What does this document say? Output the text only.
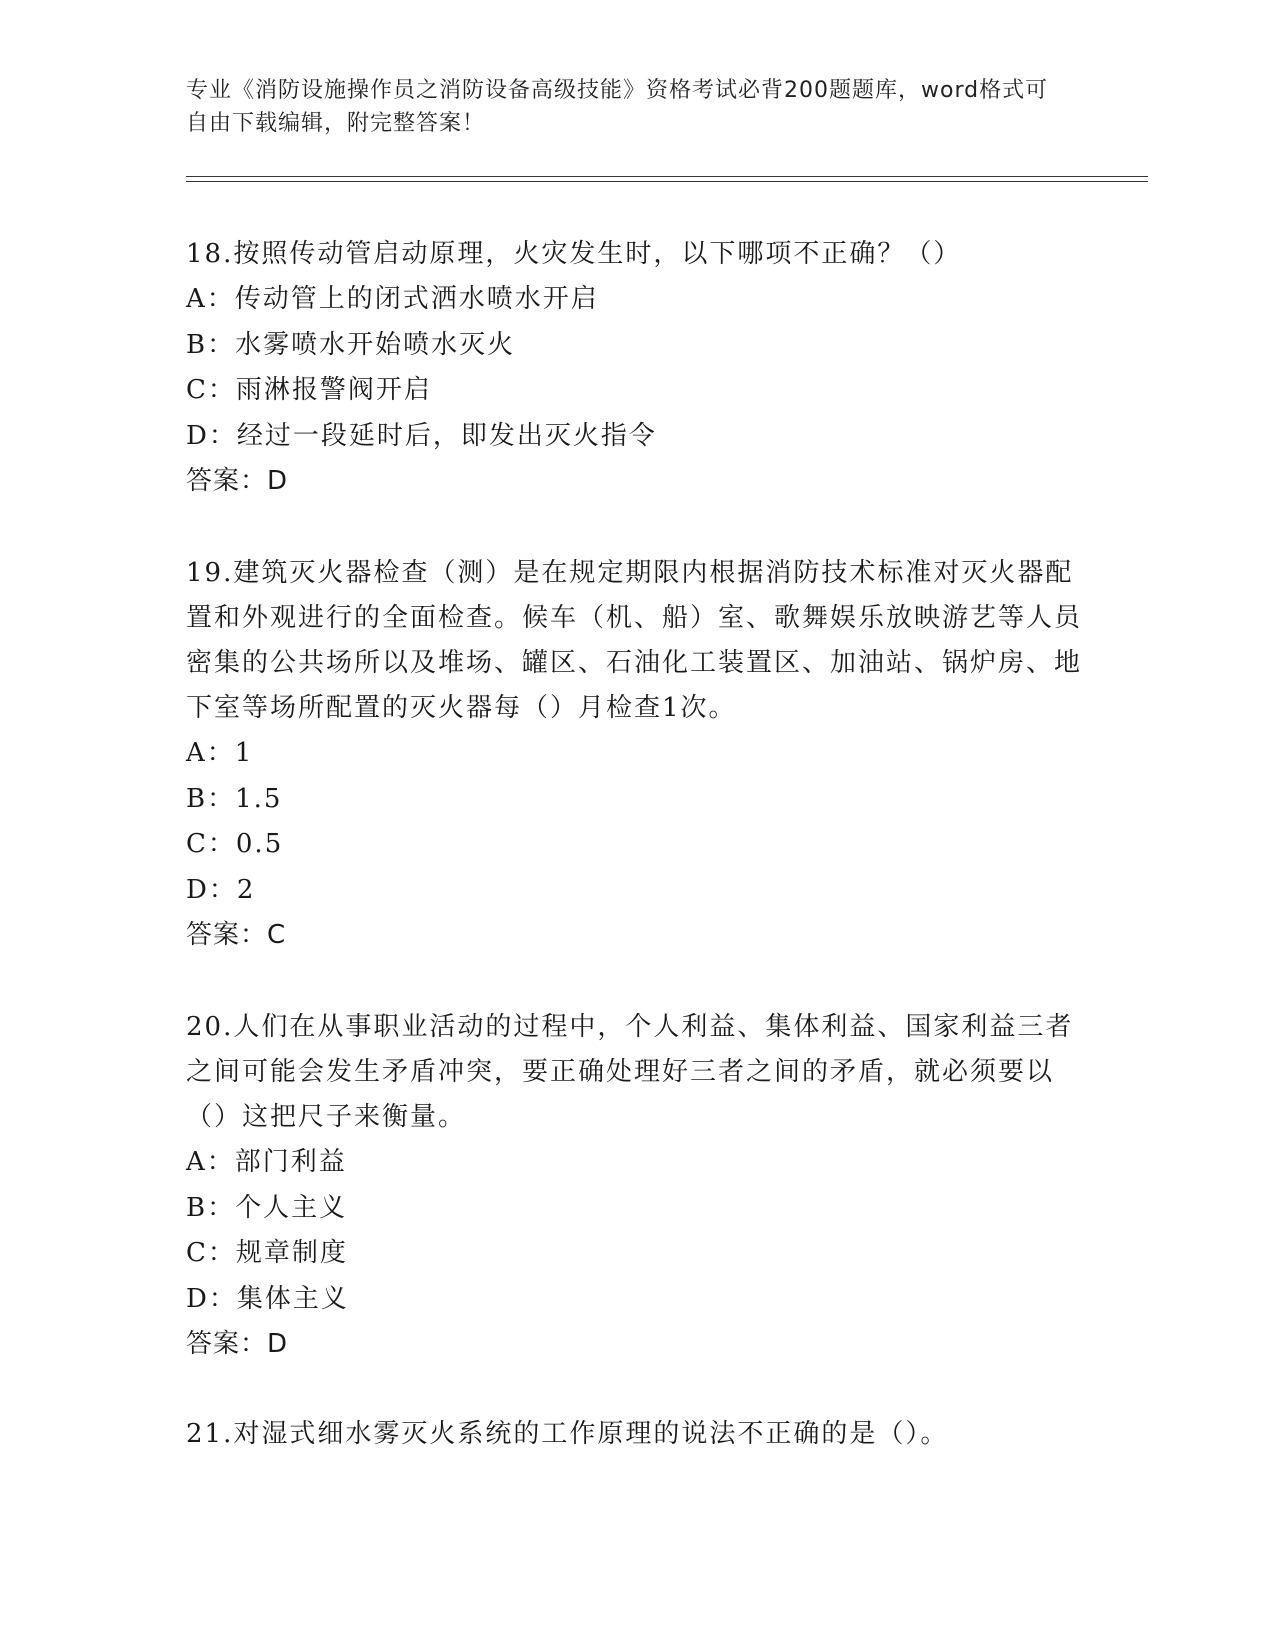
专业《消防设施操作员之消防设备高级技能》资格考试必背200题题库，word格式可自由下载编辑，附完整答案！

18.按照传动管启动原理，火灾发生时，以下哪项不正确？（）

A：传动管上的闭式洒水喷水开启
B：水雾喷水开始喷水灭火
C：雨淋报警阀开启
D：经过一段延时后，即发出灭火指令
答案：D

19.建筑灭火器检查（测）是在规定期限内根据消防技术标准对灭火器配置和外观进行的全面检查。候车（机、船）室、歌舞娱乐放映游艺等人员密集的公共场所以及堆场、罐区、石油化工装置区、加油站、锅炉房、地下室等场所配置的灭火器每（）月检查1次。

A：1
B：1.5
C：0.5
D：2
答案：C

20.人们在从事职业活动的过程中，个人利益、集体利益、国家利益三者之间可能会发生矛盾冲突，要正确处理好三者之间的矛盾，就必须要以（）这把尺子来衡量。

A：部门利益
B：个人主义
C：规章制度
D：集体主义
答案：D

21.对湿式细水雾灭火系统的工作原理的说法不正确的是（）。
